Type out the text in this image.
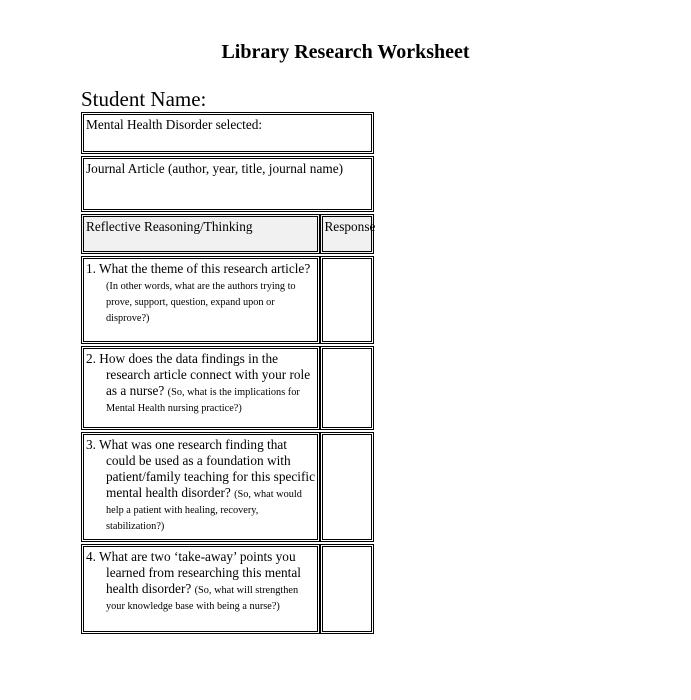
Library Research Worksheet
Student Name:
Mental Health Disorder selected:	
Journal Article (author, year, title, journal name)	
Reflective Reasoning/Thinking	Response

1. What the theme of this research article? (In other words, what are the authors trying to prove, support, question, expand upon or disprove?)	

2. How does the data findings in the research article connect with your role as a nurse? (So, what is the implications for Mental Health nursing practice?)	

3. What was one research finding that could be used as a foundation with patient/family teaching for this specific mental health disorder? (So, what would help a patient with healing, recovery, stabilization?)	

4. What are two ‘take-away’ points you learned from researching this mental health disorder? (So, what will strengthen your knowledge base with being a nurse?)	
